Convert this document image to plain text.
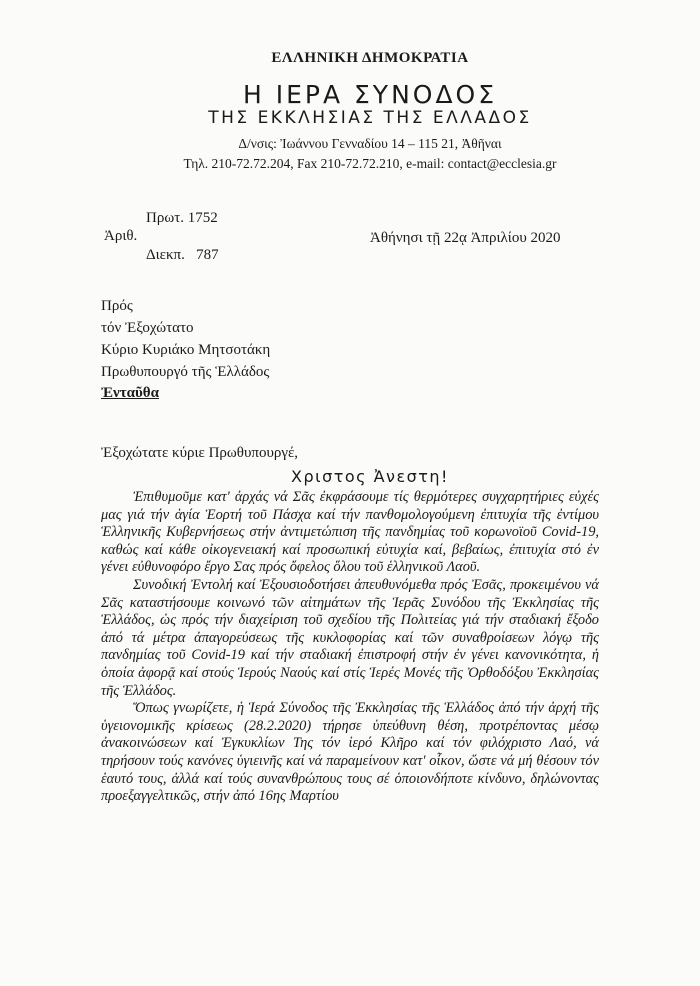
ΕΛΛΗΝΙΚΗ ΔΗΜΟΚΡΑΤΙΑ
Η ΙΕΡΑ ΣΥΝΟΔΟΣ
ΤΗΣ ΕΚΚΛΗΣΙΑΣ ΤΗΣ ΕΛΛΑΔΟΣ
Δ/νσις: Ἰωάννου Γενναδίου 14 – 115 21, Ἀθῆναι
Τηλ. 210-72.72.204, Fax 210-72.72.210, e-mail: contact@ecclesia.gr
Πρωτ. 1752
Ἀριθ.
Διεκπ.   787
Ἀθήνησι τῇ 22ᾳ Ἀπριλίου 2020
Πρός
τόν Ἐξοχώτατο
Κύριο Κυριάκο Μητσοτάκη
Πρωθυπουργό τῆς Ἑλλάδος
Ἐνταῦθα
Ἐξοχώτατε κύριε Πρωθυπουργέ,
Χριστος Ἀνεστη!

Ἐπιθυμοῦμε κατ' ἀρχάς νά Σᾶς ἐκφράσουμε τίς θερμότερες συγχαρητήριες εὐχές μας γιά τήν ἁγία Ἑορτή τοῦ Πάσχα καί τήν πανθομολογούμενη ἐπιτυχία τῆς ἐντίμου Ἑλληνικῆς Κυβερνήσεως στήν ἀντιμετώπιση τῆς πανδημίας τοῦ κορωνοϊοῦ Covid-19, καθώς καί κάθε οἰκογενειακή καί προσωπική εὐτυχία καί, βεβαίως, ἐπιτυχία στό ἐν γένει εὐθυνοφόρο ἔργο Σας πρός ὄφελος ὅλου τοῦ ἑλληνικοῦ Λαοῦ.

Συνοδική Ἐντολή καί Ἐξουσιοδοτήσει ἀπευθυνόμεθα πρός Ἐσᾶς, προκειμένου νά Σᾶς καταστήσουμε κοινωνό τῶν αἰτημάτων τῆς Ἱερᾶς Συνόδου τῆς Ἐκκλησίας τῆς Ἑλλάδος, ὡς πρός τήν διαχείριση τοῦ σχεδίου τῆς Πολιτείας γιά τήν σταδιακή ἔξοδο ἀπό τά μέτρα ἀπαγορεύσεως τῆς κυκλοφορίας καί τῶν συναθροίσεων λόγῳ τῆς πανδημίας τοῦ Covid-19 καί τήν σταδιακή ἐπιστροφή στήν ἐν γένει κανονικότητα, ἡ ὁποία ἀφορᾷ καί στούς Ἱερούς Ναούς καί στίς Ἱερές Μονές τῆς Ὀρθοδόξου Ἐκκλησίας τῆς Ἑλλάδος.

Ὅπως γνωρίζετε, ἡ Ἱερά Σύνοδος τῆς Ἐκκλησίας τῆς Ἑλλάδος ἀπό τήν ἀρχή τῆς ὑγειονομικῆς κρίσεως (28.2.2020) τήρησε ὑπεύθυνη θέση, προτρέποντας μέσῳ ἀνακοινώσεων καί Ἐγκυκλίων Της τόν ἱερό Κλῆρο καί τόν φιλόχριστο Λαό, νά τηρήσουν τούς κανόνες ὑγιεινῆς καί νά παραμείνουν κατ' οἶκον, ὥστε νά μή θέσουν τόν ἑαυτό τους, ἀλλά καί τούς συνανθρώπους τους σέ ὁποιονδήποτε κίνδυνο, δηλώνοντας προεξαγγελτικῶς, στήν ἀπό 16ης Μαρτίου
